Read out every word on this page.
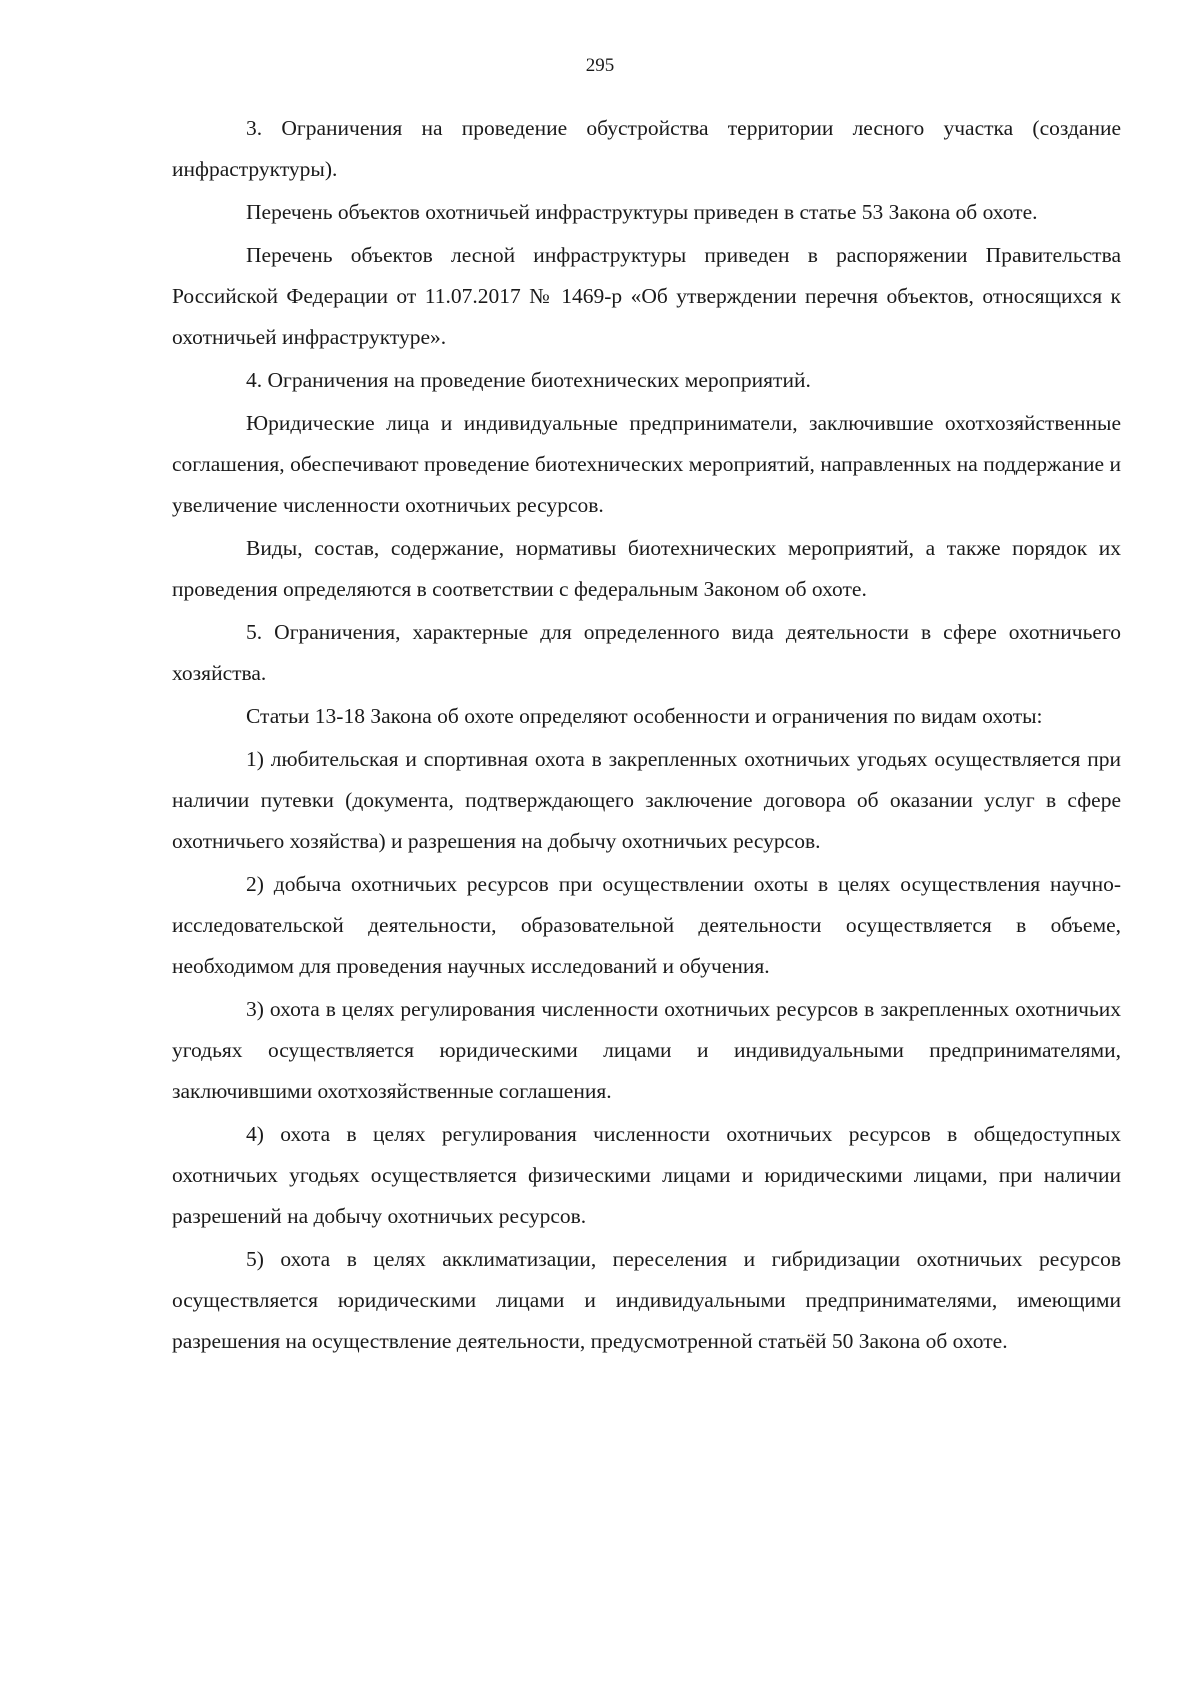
295

3. Ограничения на проведение обустройства территории лесного участка (создание инфраструктуры).

Перечень объектов охотничьей инфраструктуры приведен в статье 53 Закона об охоте.

Перечень объектов лесной инфраструктуры приведен в распоряжении Правительства Российской Федерации от 11.07.2017 № 1469-р «Об утверждении перечня объектов, относящихся к охотничьей инфраструктуре».

4. Ограничения на проведение биотехнических мероприятий.

Юридические лица и индивидуальные предприниматели, заключившие охотхозяйственные соглашения, обеспечивают проведение биотехнических мероприятий, направленных на поддержание и увеличение численности охотничьих ресурсов.

Виды, состав, содержание, нормативы биотехнических мероприятий, а также порядок их проведения определяются в соответствии с федеральным Законом об охоте.

5. Ограничения, характерные для определенного вида деятельности в сфере охотничьего хозяйства.

Статьи 13-18 Закона об охоте определяют особенности и ограничения по видам охоты:

1) любительская и спортивная охота в закрепленных охотничьих угодьях осуществляется при наличии путевки (документа, подтверждающего заключение договора об оказании услуг в сфере охотничьего хозяйства) и разрешения на добычу охотничьих ресурсов.

2) добыча охотничьих ресурсов при осуществлении охоты в целях осуществления научно-исследовательской деятельности, образовательной деятельности осуществляется в объеме, необходимом для проведения научных исследований и обучения.

3) охота в целях регулирования численности охотничьих ресурсов в закрепленных охотничьих угодьях осуществляется юридическими лицами и индивидуальными предпринимателями, заключившими охотхозяйственные соглашения.

4) охота в целях регулирования численности охотничьих ресурсов в общедоступных охотничьих угодьях осуществляется физическими лицами и юридическими лицами, при наличии разрешений на добычу охотничьих ресурсов.

5) охота в целях акклиматизации, переселения и гибридизации охотничьих ресурсов осуществляется юридическими лицами и индивидуальными предпринимателями, имеющими разрешения на осуществление деятельности, предусмотренной статьёй 50 Закона об охоте.
